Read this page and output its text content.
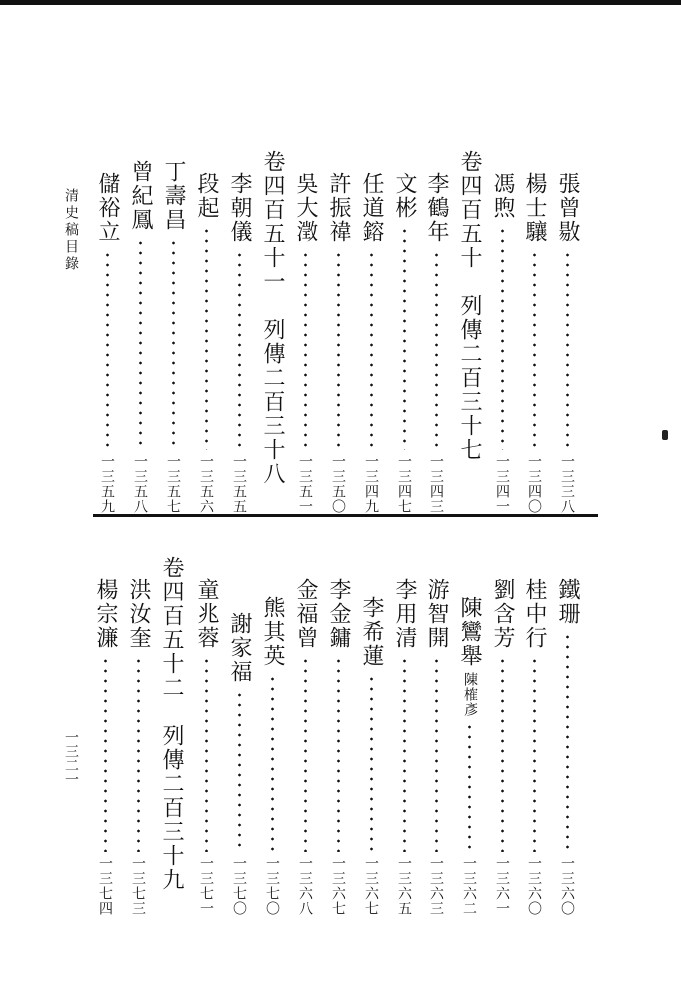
清史稿目錄
一三二一
張曾敭
一三三八
楊士驤
一三四〇
馮煦
一三四一
卷四百五十　列傳二百三十七
李鶴年
一三四三
文彬
一三四七
任道鎔
一三四九
許振禕
一三五〇
吳大澂
一三五一
卷四百五十一　列傳二百三十八
李朝儀
一三五五
段起
一三五六
丁壽昌
一三五七
曾紀鳳
一三五八
儲裕立
一三五九
鐵珊
一三六〇
桂中行
一三六〇
劉含芳
一三六一
陳鸞舉
陳榷彥
一三六二
游智開
一三六三
李用清
一三六五
李希蓮
一三六七
李金鏞
一三六七
金福曾
一三六八
熊其英
一三七〇
謝家福
一三七〇
童兆蓉
一三七一
卷四百五十二　列傳二百三十九
洪汝奎
一三七三
楊宗濂
一三七四
